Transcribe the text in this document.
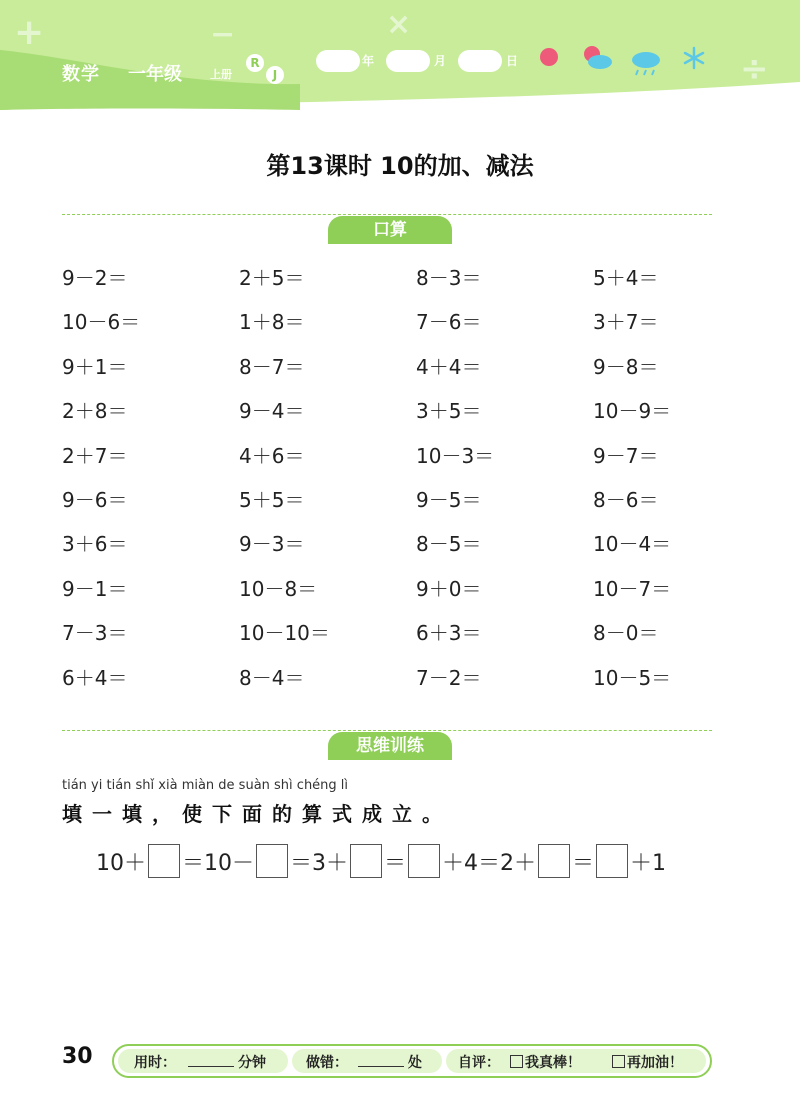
+	−	×
÷
数学 一年级	上册
R
J
年	月	日
第13课时 10的加、减法
口算
9－2＝	2＋5＝	8－3＝	5＋4＝
10－6＝	1＋8＝	7－6＝	3＋7＝
9＋1＝	8－7＝	4＋4＝	9－8＝
2＋8＝	9－4＝	3＋5＝	10－9＝
2＋7＝	4＋6＝	10－3＝	9－7＝
9－6＝	5＋5＝	9－5＝	8－6＝
3＋6＝	9－3＝	8－5＝	10－4＝
9－1＝	10－8＝	9＋0＝	10－7＝
7－3＝	10－10＝	6＋3＝	8－0＝
6＋4＝	8－4＝	7－2＝	10－5＝
思维训练
tián yi tián shǐ xià miàn de suàn shì chéng lì
填一填，使下面的算式成立。
10＋ ＝10－ ＝3＋ ＝ ＋4＝2＋ ＝ ＋1
30	用时：	分钟	做错：	处	自评：	我真棒！	再加油！
